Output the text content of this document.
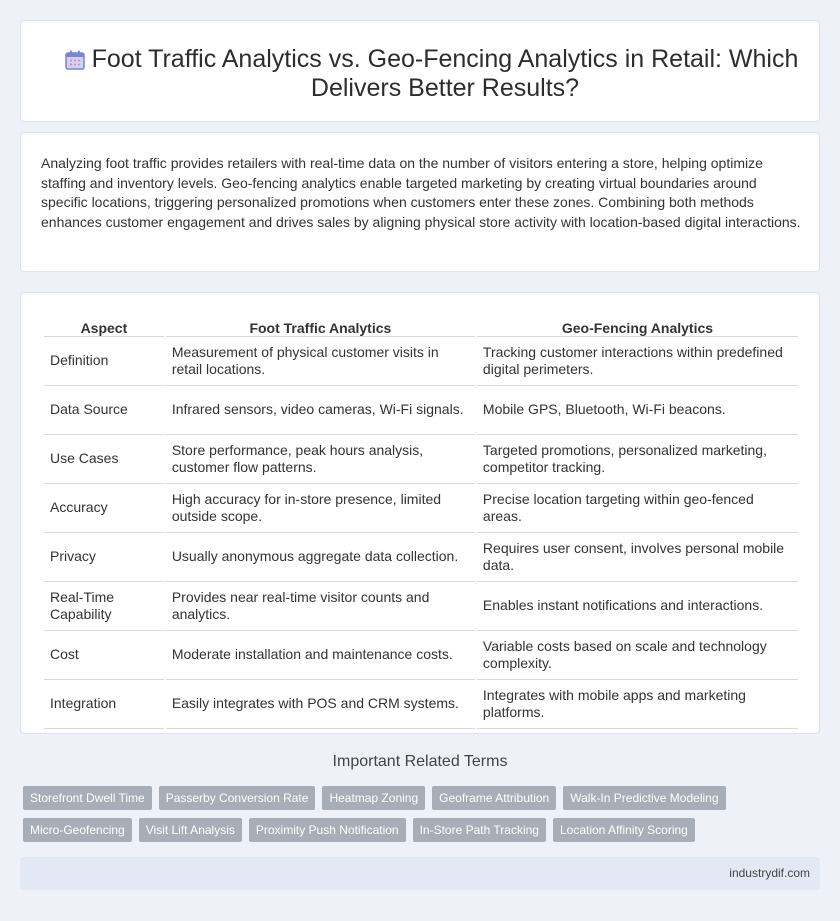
Foot Traffic Analytics vs. Geo-Fencing Analytics in Retail: Which Delivers Better Results?

Analyzing foot traffic provides retailers with real-time data on the number of visitors entering a store, helping optimize staffing and inventory levels. Geo-fencing analytics enable targeted marketing by creating virtual boundaries around specific locations, triggering personalized promotions when customers enter these zones. Combining both methods enhances customer engagement and drives sales by aligning physical store activity with location-based digital interactions.

Aspect	Foot Traffic Analytics	Geo-Fencing Analytics
Definition	Measurement of physical customer visits in retail locations.	Tracking customer interactions within predefined digital perimeters.
Data Source	Infrared sensors, video cameras, Wi-Fi signals.	Mobile GPS, Bluetooth, Wi-Fi beacons.
Use Cases	Store performance, peak hours analysis, customer flow patterns.	Targeted promotions, personalized marketing, competitor tracking.
Accuracy	High accuracy for in-store presence, limited outside scope.	Precise location targeting within geo-fenced areas.
Privacy	Usually anonymous aggregate data collection.	Requires user consent, involves personal mobile data.
Real-Time Capability	Provides near real-time visitor counts and analytics.	Enables instant notifications and interactions.
Cost	Moderate installation and maintenance costs.	Variable costs based on scale and technology complexity.
Integration	Easily integrates with POS and CRM systems.	Integrates with mobile apps and marketing platforms.
Important Related Terms
Storefront Dwell Time	Passerby Conversion Rate	Heatmap Zoning	Geoframe Attribution	Walk-In Predictive Modeling
Micro-Geofencing	Visit Lift Analysis	Proximity Push Notification	In-Store Path Tracking	Location Affinity Scoring
industrydif.com
